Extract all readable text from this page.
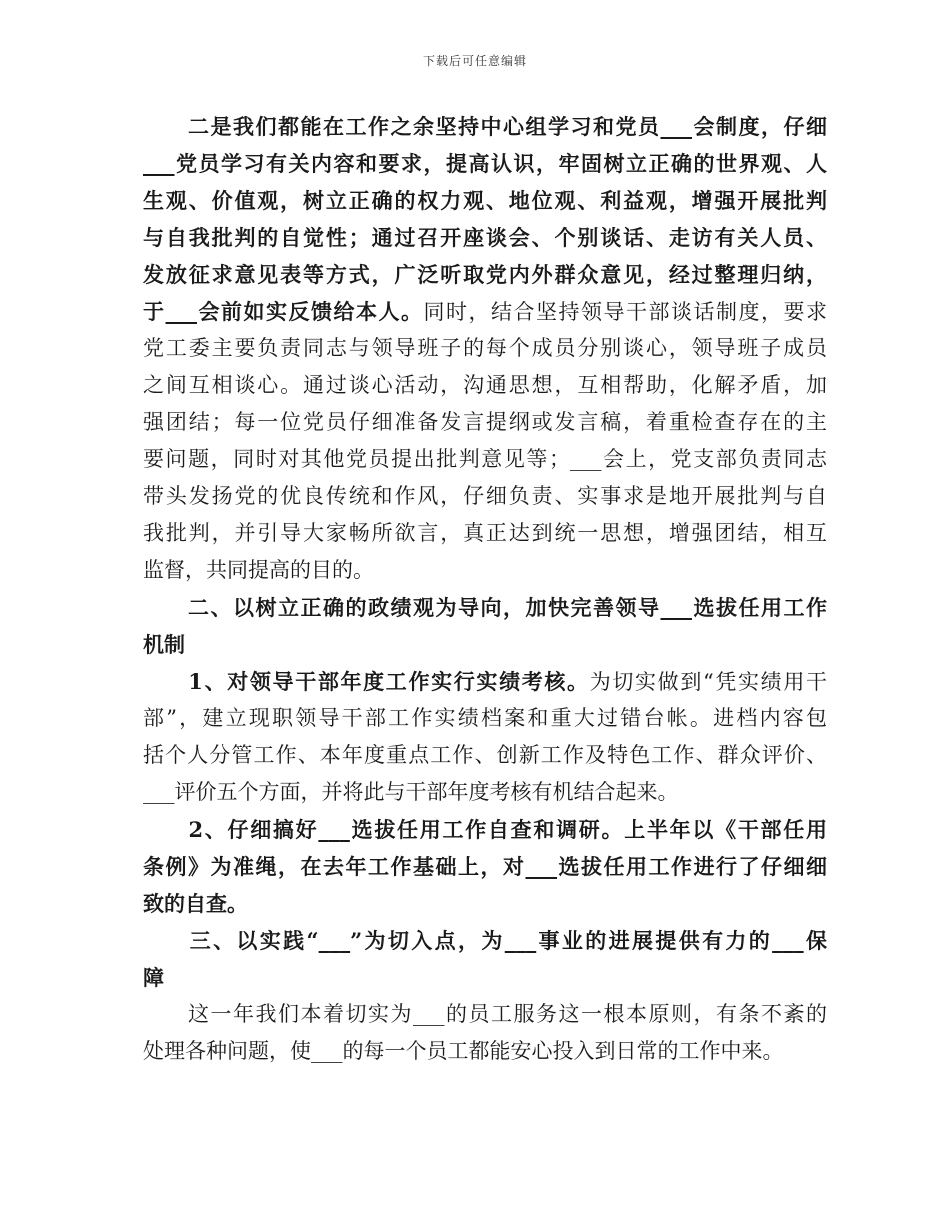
下载后可任意编辑
　　二是我们都能在工作之余坚持中心组学习和党员___会制度，仔细
___党员学习有关内容和要求，提高认识，牢固树立正确的世界观、人
生观、价值观，树立正确的权力观、地位观、利益观，增强开展批判
与自我批判的自觉性；通过召开座谈会、个别谈话、走访有关人员、
发放征求意见表等方式，广泛听取党内外群众意见，经过整理归纳，
于___会前如实反馈给本人。同时，结合坚持领导干部谈话制度，要求
党工委主要负责同志与领导班子的每个成员分别谈心，领导班子成员
之间互相谈心。通过谈心活动，沟通思想，互相帮助，化解矛盾，加
强团结；每一位党员仔细准备发言提纲或发言稿，着重检查存在的主
要问题，同时对其他党员提出批判意见等；___会上，党支部负责同志
带头发扬党的优良传统和作风，仔细负责、实事求是地开展批判与自
我批判，并引导大家畅所欲言，真正达到统一思想，增强团结，相互
监督，共同提高的目的。
　　二、以树立正确的政绩观为导向，加快完善领导___选拔任用工作
机制
　　1、对领导干部年度工作实行实绩考核。为切实做到“凭实绩用干
部”，建立现职领导干部工作实绩档案和重大过错台帐。进档内容包
括个人分管工作、本年度重点工作、创新工作及特色工作、群众评价、
___评价五个方面，并将此与干部年度考核有机结合起来。
　　2、仔细搞好___选拔任用工作自查和调研。上半年以《干部任用
条例》为准绳，在去年工作基础上，对___选拔任用工作进行了仔细细
致的自查。
　　三、以实践“___”为切入点，为___事业的进展提供有力的___保
障
　　这一年我们本着切实为___的员工服务这一根本原则，有条不紊的
处理各种问题，使___的每一个员工都能安心投入到日常的工作中来。
